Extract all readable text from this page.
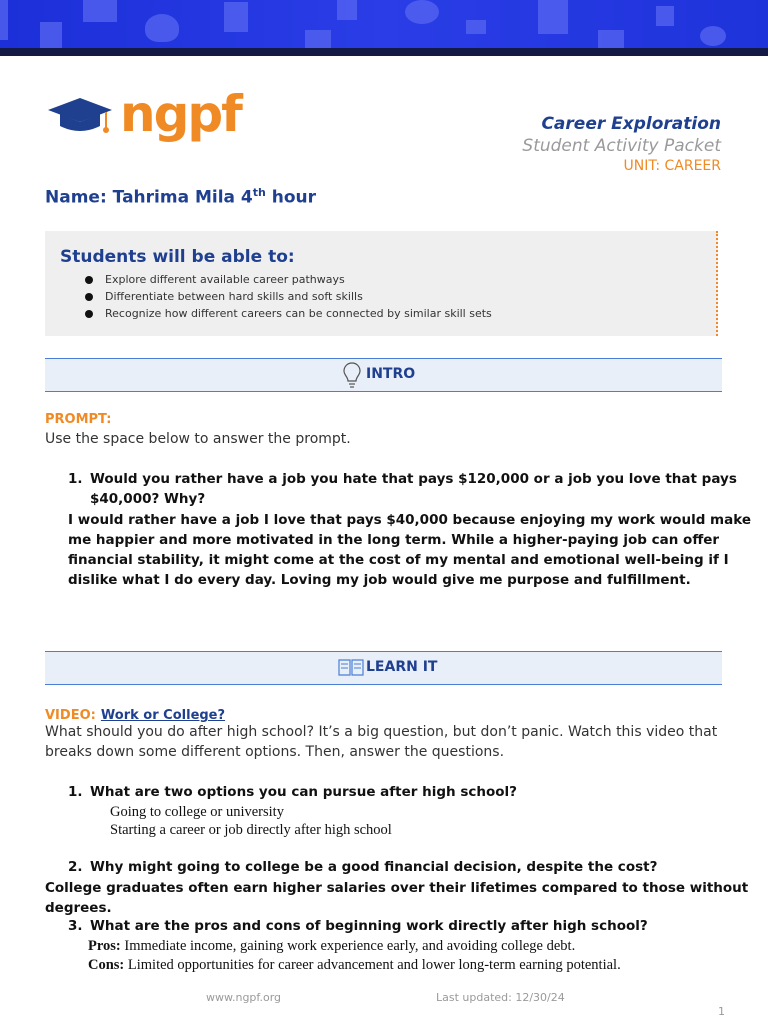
ngpf	Career Exploration
Student Activity Packet
UNIT: CAREER
Name: Tahrima Mila 4th hour
Students will be able to:
Explore different available career pathways
Differentiate between hard skills and soft skills
Recognize how different careers can be connected by similar skill sets
INTRO
PROMPT:
Use the space below to answer the prompt.
1. Would you rather have a job you hate that pays $120,000 or a job you love that pays
$40,000? Why?
I would rather have a job I love that pays $40,000 because enjoying my work would make
me happier and more motivated in the long term. While a higher-paying job can offer
financial stability, it might come at the cost of my mental and emotional well-being if I
dislike what I do every day. Loving my job would give me purpose and fulfillment.
LEARN IT
VIDEO: Work or College?
What should you do after high school? It’s a big question, but don’t panic. Watch this video that
breaks down some different options. Then, answer the questions.
1. What are two options you can pursue after high school?
Going to college or university
Starting a career or job directly after high school
2. Why might going to college be a good financial decision, despite the cost?
College graduates often earn higher salaries over their lifetimes compared to those without
degrees.
3. What are the pros and cons of beginning work directly after high school?
Pros: Immediate income, gaining work experience early, and avoiding college debt.
Cons: Limited opportunities for career advancement and lower long-term earning potential.
www.ngpf.org	Last updated: 12/30/24
1
